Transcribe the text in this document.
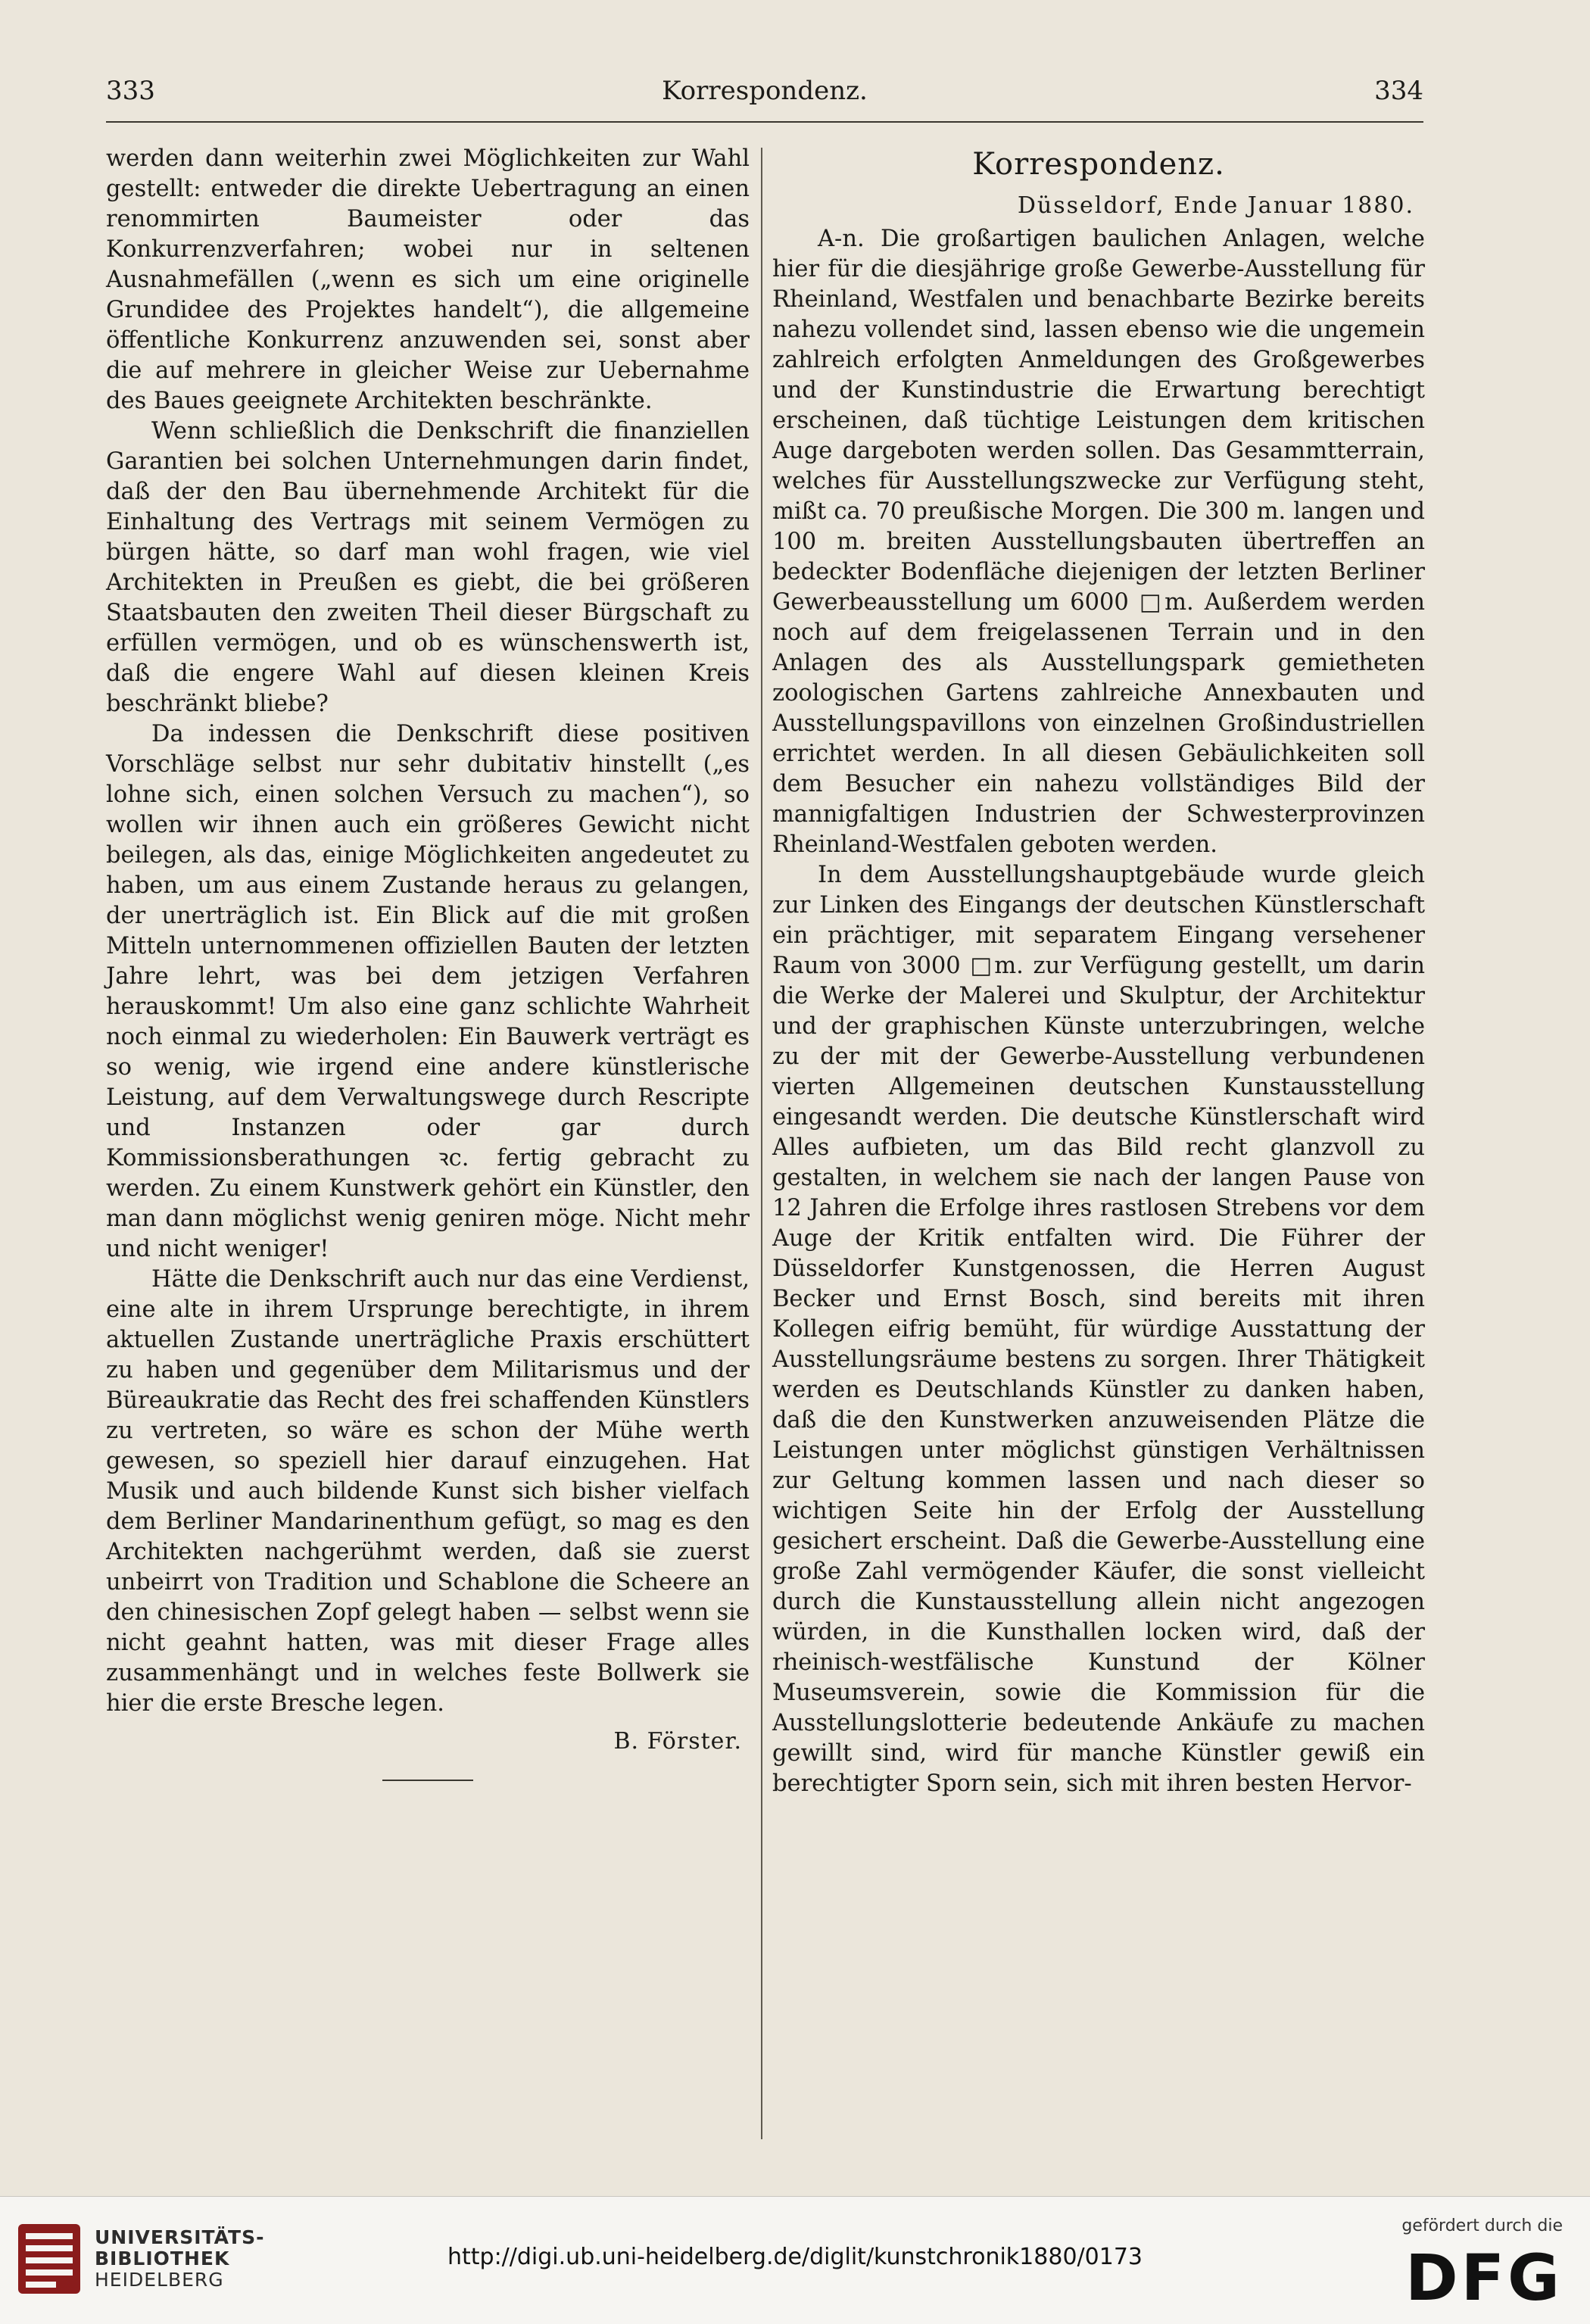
333	Korrespondenz.	334

werden dann weiterhin zwei Möglichkeiten zur Wahl gestellt: entweder die direkte Uebertragung an einen renommirten Baumeister oder das Konkurrenzverfahren; wobei nur in seltenen Ausnahmefällen („wenn es sich um eine originelle Grundidee des Projektes handelt“), die allgemeine öffentliche Konkurrenz anzuwenden sei, sonst aber die auf mehrere in gleicher Weise zur Uebernahme des Baues geeignete Architekten beschränkte.

Wenn schließlich die Denkschrift die finanziellen Garantien bei solchen Unternehmungen darin findet, daß der den Bau übernehmende Architekt für die Einhaltung des Vertrags mit seinem Vermögen zu bürgen hätte, so darf man wohl fragen, wie viel Architekten in Preußen es giebt, die bei größeren Staatsbauten den zweiten Theil dieser Bürgschaft zu erfüllen vermögen, und ob es wünschenswerth ist, daß die engere Wahl auf diesen kleinen Kreis beschränkt bliebe?

Da indessen die Denkschrift diese positiven Vorschläge selbst nur sehr dubitativ hinstellt („es lohne sich, einen solchen Versuch zu machen“), so wollen wir ihnen auch ein größeres Gewicht nicht beilegen, als das, einige Möglichkeiten angedeutet zu haben, um aus einem Zustande heraus zu gelangen, der unerträglich ist. Ein Blick auf die mit großen Mitteln unternommenen offiziellen Bauten der letzten Jahre lehrt, was bei dem jetzigen Verfahren herauskommt! Um also eine ganz schlichte Wahrheit noch einmal zu wiederholen: Ein Bauwerk verträgt es so wenig, wie irgend eine andere künstlerische Leistung, auf dem Verwaltungswege durch Rescripte und Instanzen oder gar durch Kommissionsberathungen ꝛc. fertig gebracht zu werden. Zu einem Kunstwerk gehört ein Künstler, den man dann möglichst wenig geniren möge. Nicht mehr und nicht weniger!

Hätte die Denkschrift auch nur das eine Verdienst, eine alte in ihrem Ursprunge berechtigte, in ihrem aktuellen Zustande unerträgliche Praxis erschüttert zu haben und gegenüber dem Militarismus und der Büreaukratie das Recht des frei schaffenden Künstlers zu vertreten, so wäre es schon der Mühe werth gewesen, so speziell hier darauf einzugehen. Hat Musik und auch bildende Kunst sich bisher vielfach dem Berliner Mandarinenthum gefügt, so mag es den Architekten nachgerühmt werden, daß sie zuerst unbeirrt von Tradition und Schablone die Scheere an den chinesischen Zopf gelegt haben — selbst wenn sie nicht geahnt hatten, was mit dieser Frage alles zusammenhängt und in welches feste Bollwerk sie hier die erste Bresche legen.

B. Förster.
Korrespondenz.
Düsseldorf, Ende Januar 1880.

A-n. Die großartigen baulichen Anlagen, welche hier für die diesjährige große Gewerbe-Ausstellung für Rheinland, Westfalen und benachbarte Bezirke bereits nahezu vollendet sind, lassen ebenso wie die ungemein zahlreich erfolgten Anmeldungen des Großgewerbes und der Kunstindustrie die Erwartung berechtigt erscheinen, daß tüchtige Leistungen dem kritischen Auge dargeboten werden sollen. Das Gesammtterrain, welches für Ausstellungszwecke zur Verfügung steht, mißt ca. 70 preußische Morgen. Die 300 m. langen und 100 m. breiten Ausstellungsbauten übertreffen an bedeckter Bodenfläche diejenigen der letzten Berliner Gewerbeausstellung um 6000 □m. Außerdem werden noch auf dem freigelassenen Terrain und in den Anlagen des als Ausstellungspark gemietheten zoologischen Gartens zahlreiche Annexbauten und Ausstellungspavillons von einzelnen Großindustriellen errichtet werden. In all diesen Gebäulichkeiten soll dem Besucher ein nahezu vollständiges Bild der mannigfaltigen Industrien der Schwesterprovinzen Rheinland-Westfalen geboten werden.

In dem Ausstellungshauptgebäude wurde gleich zur Linken des Eingangs der deutschen Künstlerschaft ein prächtiger, mit separatem Eingang versehener Raum von 3000 □m. zur Verfügung gestellt, um darin die Werke der Malerei und Skulptur, der Architektur und der graphischen Künste unterzubringen, welche zu der mit der Gewerbe-Ausstellung verbundenen vierten Allgemeinen deutschen Kunstausstellung eingesandt werden. Die deutsche Künstlerschaft wird Alles aufbieten, um das Bild recht glanzvoll zu gestalten, in welchem sie nach der langen Pause von 12 Jahren die Erfolge ihres rastlosen Strebens vor dem Auge der Kritik entfalten wird. Die Führer der Düsseldorfer Kunstgenossen, die Herren August Becker und Ernst Bosch, sind bereits mit ihren Kollegen eifrig bemüht, für würdige Ausstattung der Ausstellungsräume bestens zu sorgen. Ihrer Thätigkeit werden es Deutschlands Künstler zu danken haben, daß die den Kunstwerken anzuweisenden Plätze die Leistungen unter möglichst günstigen Verhältnissen zur Geltung kommen lassen und nach dieser so wichtigen Seite hin der Erfolg der Ausstellung gesichert erscheint. Daß die Gewerbe-Ausstellung eine große Zahl vermögender Käufer, die sonst vielleicht durch die Kunstausstellung allein nicht angezogen würden, in die Kunsthallen locken wird, daß der rheinisch-westfälische Kunstund der Kölner Museumsverein, sowie die Kommission für die Ausstellungslotterie bedeutende Ankäufe zu machen gewillt sind, wird für manche Künstler gewiß ein berechtigter Sporn sein, sich mit ihren besten Hervor-

UNIVERSITÄTS-
BIBLIOTHEK
HEIDELBERG
http://digi.ub.uni-heidelberg.de/diglit/kunstchronik1880/0173
gefördert durch die
DFG
